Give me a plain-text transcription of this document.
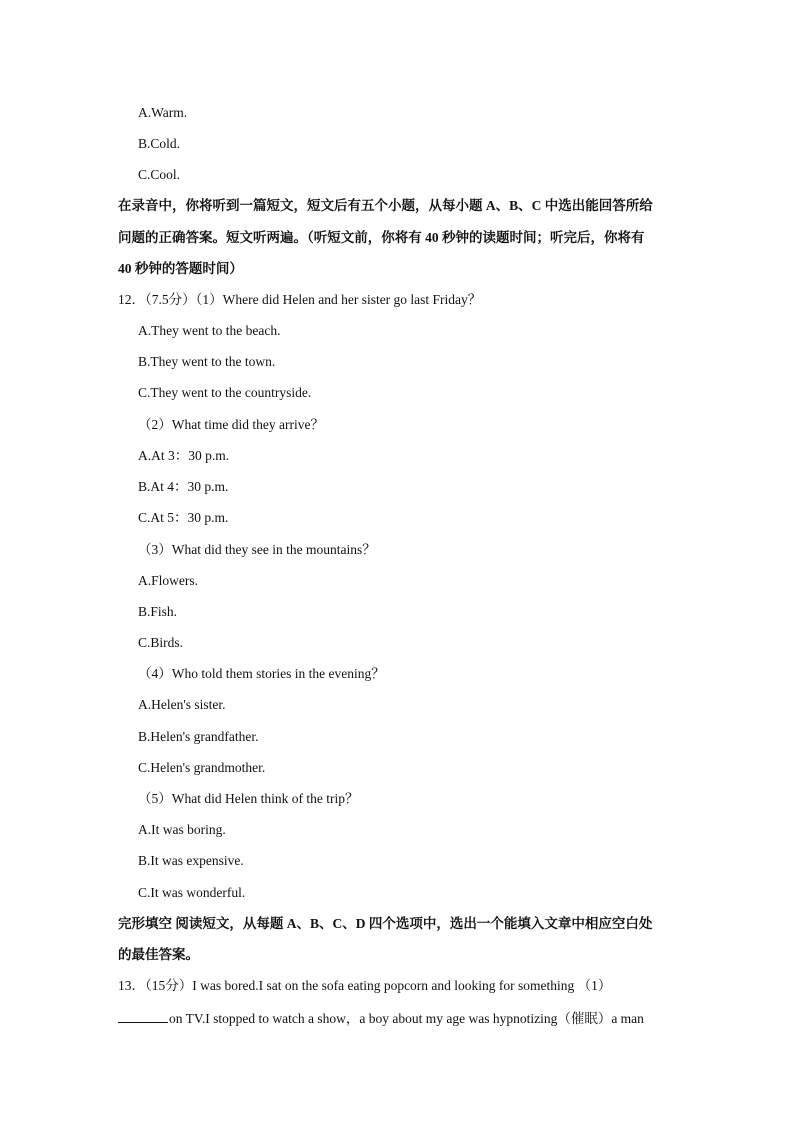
A.Warm.
B.Cold.
C.Cool.
在录音中，你将听到一篇短文，短文后有五个小题，从每小题 A、B、C 中选出能回答所给
问题的正确答案。短文听两遍。（听短文前，你将有 40 秒钟的读题时间；听完后，你将有
40 秒钟的答题时间）
12．（7.5分）（1）Where did Helen and her sister go last Friday？
A.They went to the beach.
B.They went to the town.
C.They went to the countryside.
（2）What time did they arrive？
A.At 3：30 p.m.
B.At 4：30 p.m.
C.At 5：30 p.m.
（3）What did they see in the mountains？
A.Flowers.
B.Fish.
C.Birds.
（4）Who told them stories in the evening？
A.Helen's sister.
B.Helen's grandfather.
C.Helen's grandmother.
（5）What did Helen think of the trip？
A.It was boring.
B.It was expensive.
C.It was wonderful.
完形填空 阅读短文，从每题 A、B、C、D 四个选项中，选出一个能填入文章中相应空白处
的最佳答案。
13．（15分）I was bored.I sat on the sofa eating popcorn and looking for something （1）
on TV.I stopped to watch a show，a boy about my age was hypnotizing（催眠）a man
